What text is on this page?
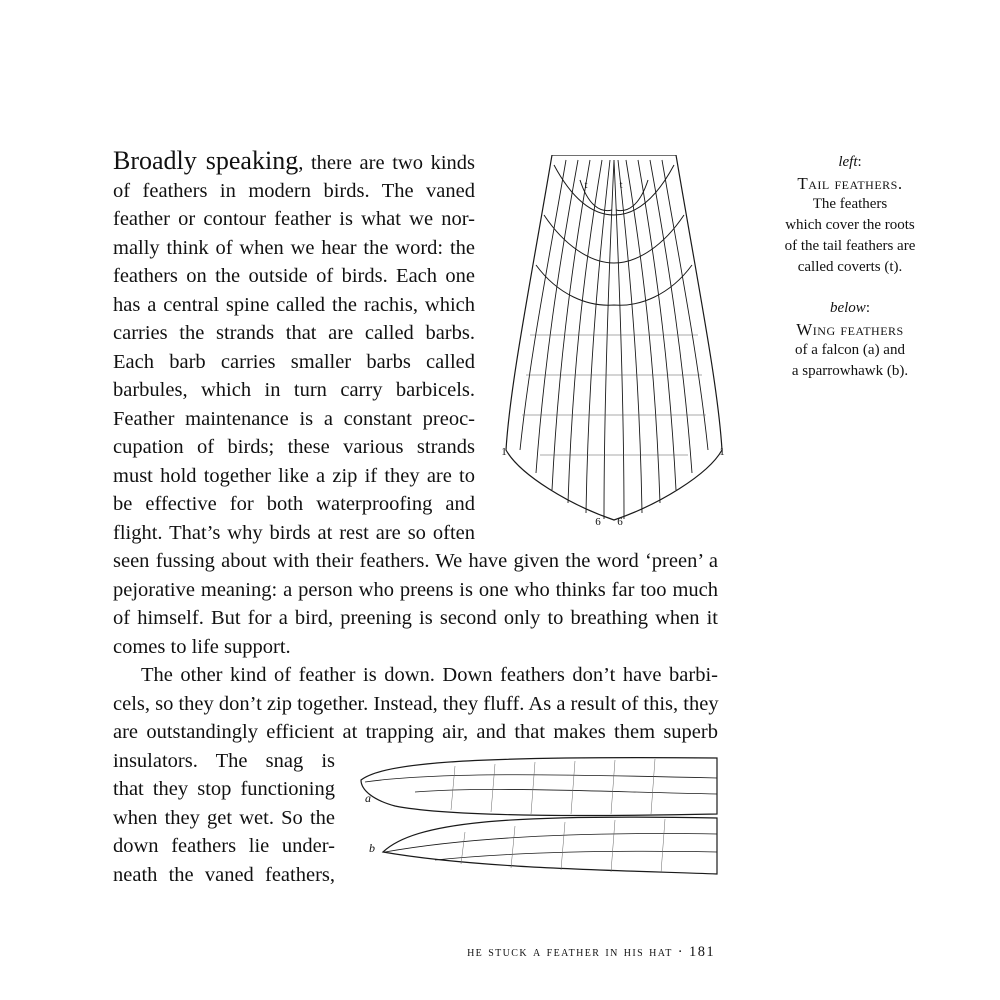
Broadly speaking, there are two kinds
of feathers in modern birds. The vaned
feather or contour feather is what we nor-
mally think of when we hear the word: the
feathers on the outside of birds. Each one
has a central spine called the rachis, which
carries the strands that are called barbs.
Each barb carries smaller barbs called
barbules, which in turn carry barbicels.
Feather maintenance is a constant preoc-
cupation of birds; these various strands
must hold together like a zip if they are to
be effective for both waterproofing and
flight. That’s why birds at rest are so often
seen fussing about with their feathers. We have given the word ‘preen’ a
pejorative meaning: a person who preens is one who thinks far too much
of himself. But for a bird, preening is second only to breathing when it
comes to life support.
The other kind of feather is down. Down feathers don’t have barbi-
cels, so they don’t zip together. Instead, they fluff. As a result of this, they
are outstandingly efficient at trapping air, and that makes them superb
insulators. The snag is
that they stop functioning
when they get wet. So the
down feathers lie under-
neath the vaned feathers,
t	t
1	1
6 6
a
b
left:
Tail feathers.
The feathers
which cover the roots
of the tail feathers are
called coverts (t).
below:
Wing feathers
of a falcon (a) and
a sparrowhawk (b).
he stuck a feather in his hat · 181
